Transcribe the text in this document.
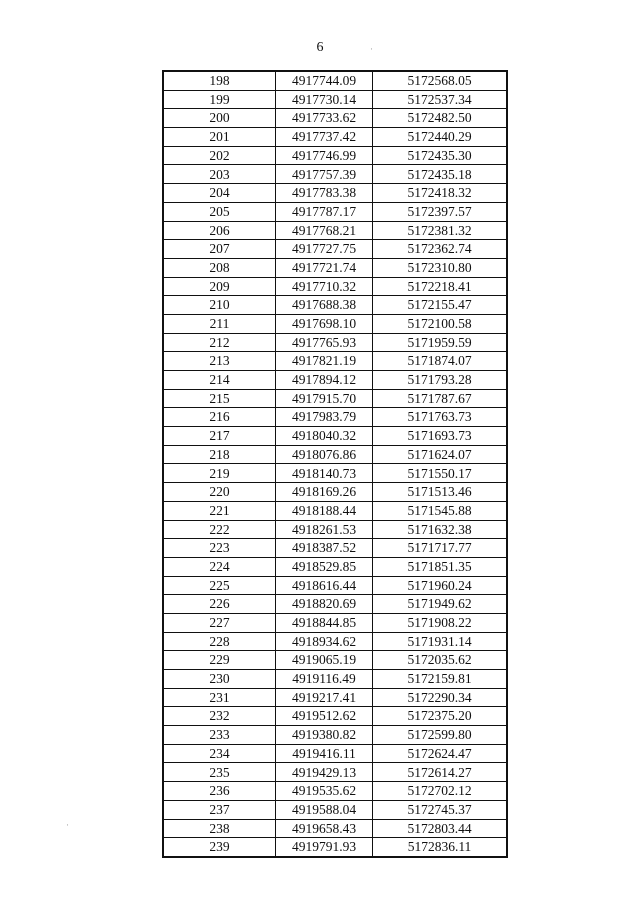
6	·
·
198	4917744.09	5172568.05
199	4917730.14	5172537.34
200	4917733.62	5172482.50
201	4917737.42	5172440.29
202	4917746.99	5172435.30
203	4917757.39	5172435.18
204	4917783.38	5172418.32
205	4917787.17	5172397.57
206	4917768.21	5172381.32
207	4917727.75	5172362.74
208	4917721.74	5172310.80
209	4917710.32	5172218.41
210	4917688.38	5172155.47
211	4917698.10	5172100.58
212	4917765.93	5171959.59
213	4917821.19	5171874.07
214	4917894.12	5171793.28
215	4917915.70	5171787.67
216	4917983.79	5171763.73
217	4918040.32	5171693.73
218	4918076.86	5171624.07
219	4918140.73	5171550.17
220	4918169.26	5171513.46
221	4918188.44	5171545.88
222	4918261.53	5171632.38
223	4918387.52	5171717.77
224	4918529.85	5171851.35
225	4918616.44	5171960.24
226	4918820.69	5171949.62
227	4918844.85	5171908.22
228	4918934.62	5171931.14
229	4919065.19	5172035.62
230	4919116.49	5172159.81
231	4919217.41	5172290.34
232	4919512.62	5172375.20
233	4919380.82	5172599.80
234	4919416.11	5172624.47
235	4919429.13	5172614.27
236	4919535.62	5172702.12
237	4919588.04	5172745.37
238	4919658.43	5172803.44
239	4919791.93	5172836.11
